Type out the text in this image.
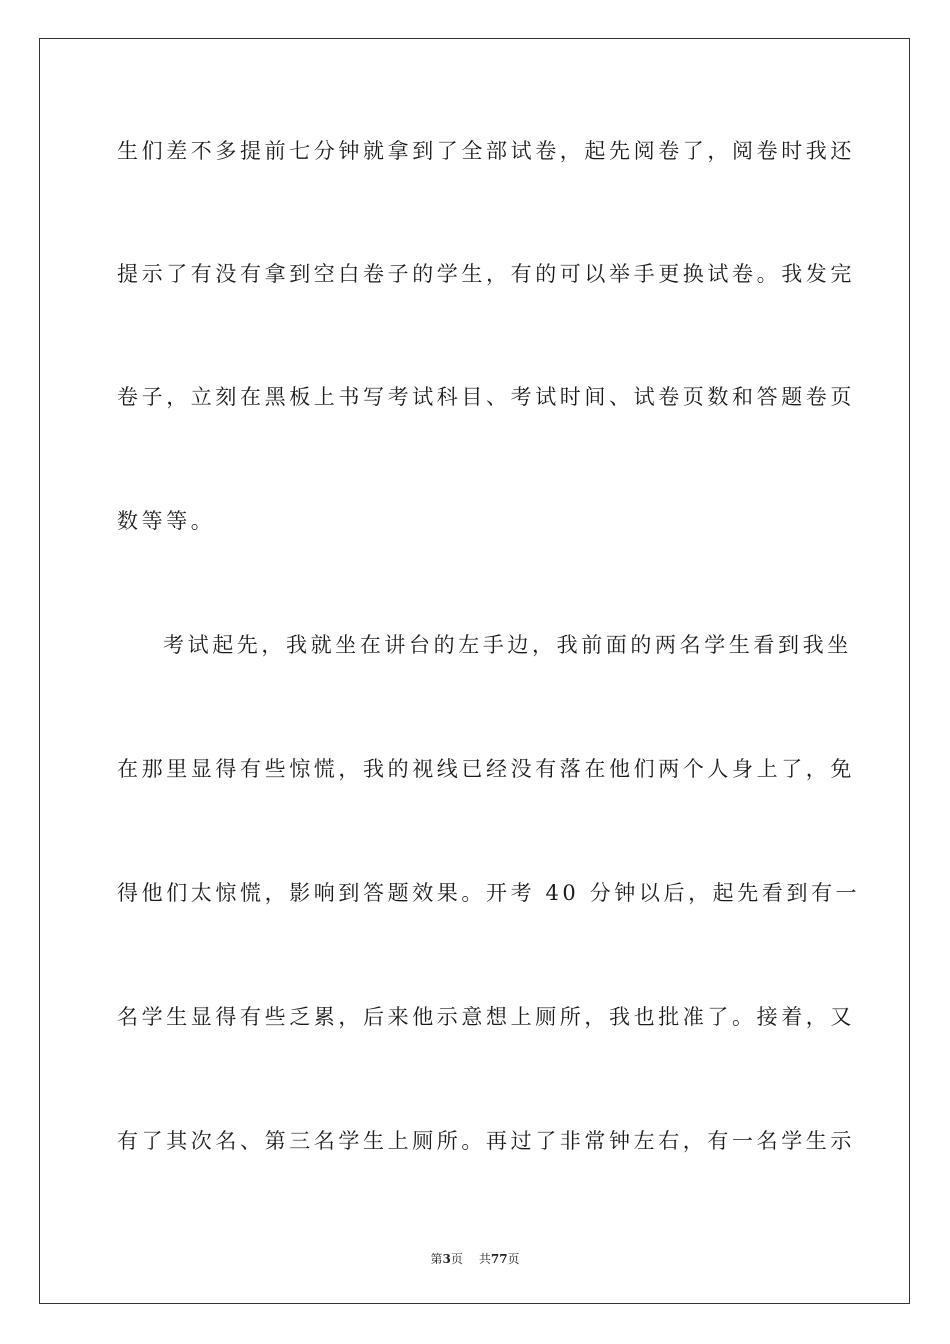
生们差不多提前七分钟就拿到了全部试卷，起先阅卷了，阅卷时我还
提示了有没有拿到空白卷子的学生，有的可以举手更换试卷。我发完
卷子，立刻在黑板上书写考试科目、考试时间、试卷页数和答题卷页
数等等。
考试起先，我就坐在讲台的左手边，我前面的两名学生看到我坐
在那里显得有些惊慌，我的视线已经没有落在他们两个人身上了，免
得他们太惊慌，影响到答题效果。开考 40 分钟以后，起先看到有一
名学生显得有些乏累，后来他示意想上厕所，我也批准了。接着，又
有了其次名、第三名学生上厕所。再过了非常钟左右，有一名学生示
第3页 共77页
